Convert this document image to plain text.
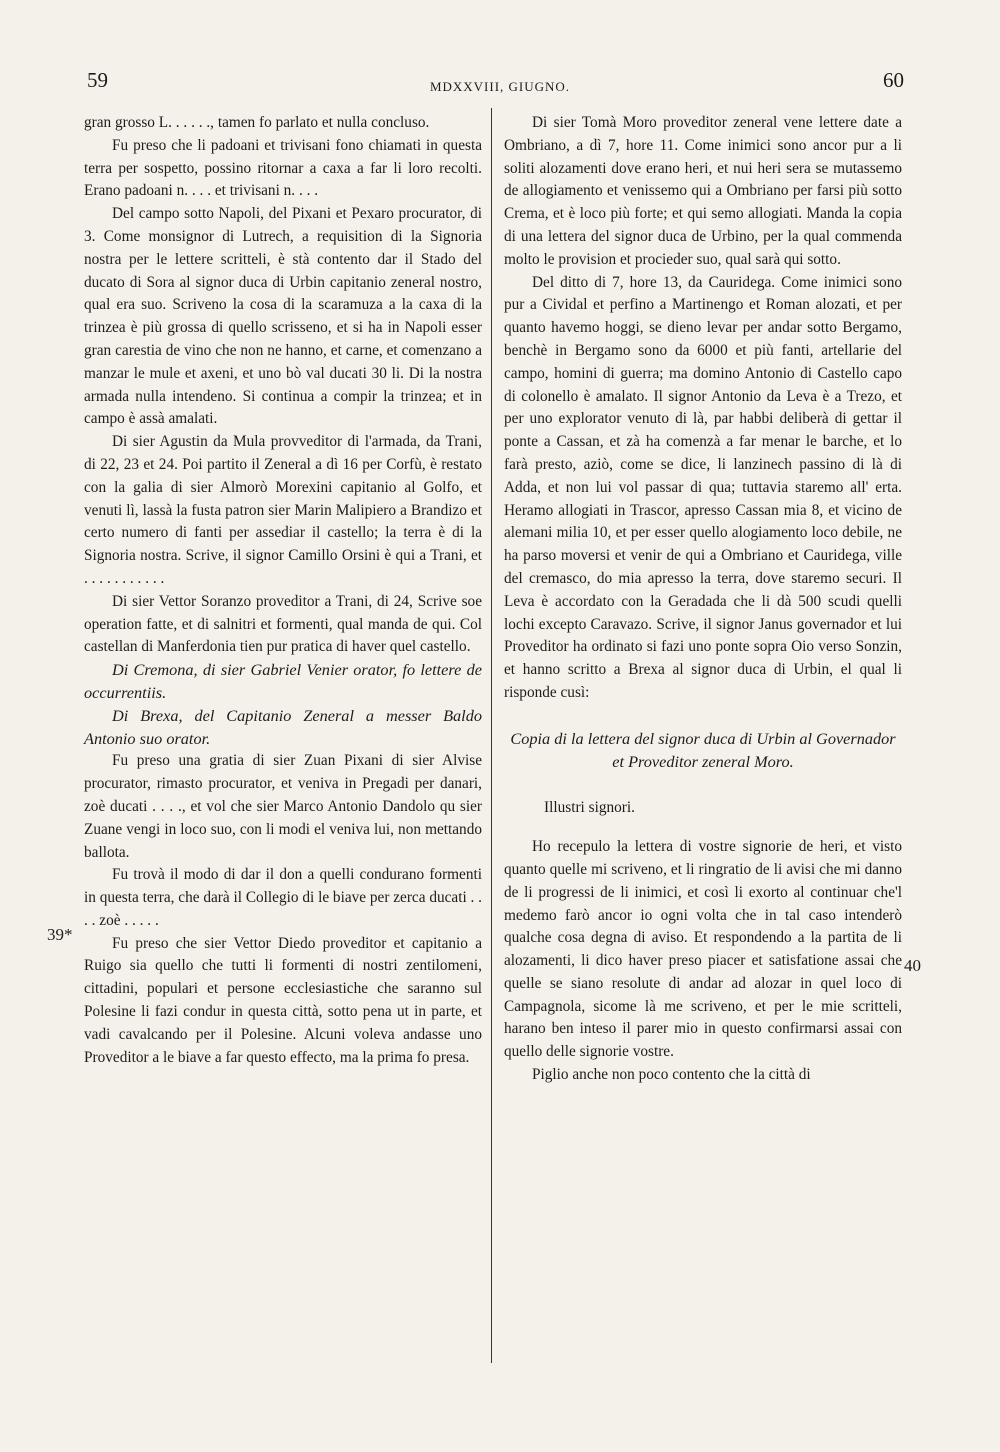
59	MDXXVIII, GIUGNO.	60
39*
40

gran grosso L. . . . . ., tamen fo parlato et nulla concluso.

Fu preso che li padoani et trivisani fono chiamati in questa terra per sospetto, possino ritornar a caxa a far li loro recolti. Erano padoani n. . . . et trivisani n. . . .

Del campo sotto Napoli, del Pixani et Pexaro procurator, di 3. Come monsignor di Lutrech, a requisition di la Signoria nostra per le lettere scritteli, è stà contento dar il Stado del ducato di Sora al signor duca di Urbin capitanio zeneral nostro, qual era suo. Scriveno la cosa di la scaramuza a la caxa di la trinzea è più grossa di quello scrisseno, et si ha in Napoli esser gran carestia de vino che non ne hanno, et carne, et comenzano a manzar le mule et axeni, et uno bò val ducati 30 li. Di la nostra armada nulla intendeno. Si continua a compir la trinzea; et in campo è assà amalati.

Di sier Agustin da Mula provveditor di l'armada, da Trani, di 22, 23 et 24. Poi partito il Zeneral a dì 16 per Corfù, è restato con la galia di sier Almorò Morexini capitanio al Golfo, et venuti lì, lassà la fusta patron sier Marin Malipiero a Brandizo et certo numero di fanti per assediar il castello; la terra è di la Signoria nostra. Scrive, il signor Camillo Orsini è qui a Trani, et . . . . . . . . . . .

Di sier Vettor Soranzo proveditor a Trani, di 24, Scrive soe operation fatte, et di salnitri et formenti, qual manda de qui. Col castellan di Manferdonia tien pur pratica di haver quel castello.

Di Cremona, di sier Gabriel Venier orator, fo lettere de occurrentiis.

Di Brexa, del Capitanio Zeneral a messer Baldo Antonio suo orator.

Fu preso una gratia di sier Zuan Pixani di sier Alvise procurator, rimasto procurator, et veniva in Pregadi per danari, zoè ducati . . . ., et vol che sier Marco Antonio Dandolo qu sier Zuane vengi in loco suo, con li modi el veniva lui, non mettando ballota.

Fu trovà il modo di dar il don a quelli condurano formenti in questa terra, che darà il Collegio di le biave per zerca ducati . . . . zoè . . . . .

Fu preso che sier Vettor Diedo proveditor et capitanio a Ruigo sia quello che tutti li formenti di nostri zentilomeni, cittadini, populari et persone ecclesiastiche che saranno sul Polesine li fazi condur in questa città, sotto pena ut in parte, et vadi cavalcando per il Polesine. Alcuni voleva andasse uno Proveditor a le biave a far questo effecto, ma la prima fo presa.

Di sier Tomà Moro proveditor zeneral vene lettere date a Ombriano, a dì 7, hore 11. Come inimici sono ancor pur a li soliti alozamenti dove erano heri, et nui heri sera se mutassemo de allogiamento et venissemo qui a Ombriano per farsi più sotto Crema, et è loco più forte; et qui semo allogiati. Manda la copia di una lettera del signor duca de Urbino, per la qual commenda molto le provision et procieder suo, qual sarà qui sotto.

Del ditto di 7, hore 13, da Cauridega. Come inimici sono pur a Cividal et perfino a Martinengo et Roman alozati, et per quanto havemo hoggi, se dieno levar per andar sotto Bergamo, benchè in Bergamo sono da 6000 et più fanti, artellarie del campo, homini di guerra; ma domino Antonio di Castello capo di colonello è amalato. Il signor Antonio da Leva è a Trezo, et per uno explorator venuto di là, par habbi deliberà di gettar il ponte a Cassan, et zà ha comenzà a far menar le barche, et lo farà presto, aziò, come se dice, li lanzinech passino di là di Adda, et non lui vol passar di qua; tuttavia staremo all' erta. Heramo allogiati in Trascor, apresso Cassan mia 8, et vicino de alemani milia 10, et per esser quello alogiamento loco debile, ne ha parso moversi et venir de qui a Ombriano et Cauridega, ville del cremasco, do mia apresso la terra, dove staremo securi. Il Leva è accordato con la Geradada che li dà 500 scudi quelli lochi excepto Caravazo. Scrive, il signor Janus governador et lui Proveditor ha ordinato si fazi uno ponte sopra Oio verso Sonzin, et hanno scritto a Brexa al signor duca di Urbin, el qual li risponde cusì:

Copia di la lettera del signor duca di Urbin al Governador et Proveditor zeneral Moro.

Illustri signori.

Ho recepulo la lettera di vostre signorie de heri, et visto quanto quelle mi scriveno, et li ringratio de li avisi che mi danno de li progressi de li inimici, et così li exorto al continuar che'l medemo farò ancor io ogni volta che in tal caso intenderò qualche cosa degna di aviso. Et respondendo a la partita de li alozamenti, li dico haver preso piacer et satisfatione assai che quelle se siano resolute di andar ad alozar in quel loco di Campagnola, sicome là me scriveno, et per le mie scritteli, harano ben inteso il parer mio in questo confirmarsi assai con quello delle signorie vostre.

Piglio anche non poco contento che la città di
